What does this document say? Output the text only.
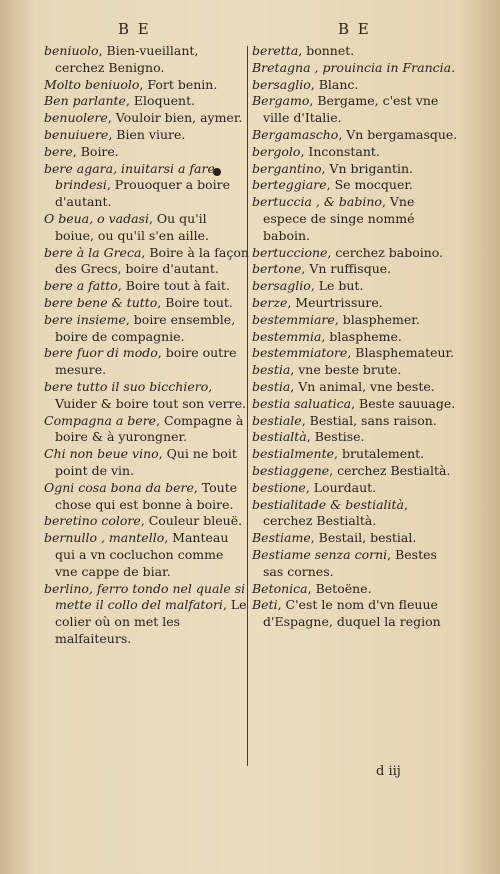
B E	B E

beniuolo, Bien-vueillant, cerchez Benigno.

Molto beniuolo, Fort benin.

Ben parlante, Eloquent.

benuolere, Vouloir bien, aymer.

benuiuere, Bien viure.

bere, Boire.

bere agara, inuitarsi a fare brindesi, Prouoquer a boire d'autant.

O beua, o vadasi, Ou qu'il boiue, ou qu'il s'en aille.

bere à la Greca, Boire à la façon des Grecs, boire d'autant.

bere a fatto, Boire tout à fait.

bere bene & tutto, Boire tout.

bere insieme, boire ensemble, boire de compagnie.

bere fuor di modo, boire outre mesure.

bere tutto il suo bicchiero, Vuider & boire tout son verre.

Compagna a bere, Compagne à boire & à yurongner.

Chi non beue vino, Qui ne boit point de vin.

Ogni cosa bona da bere, Toute chose qui est bonne à boire.

beretino colore, Couleur bleuë.

bernullo , mantello, Manteau qui a vn cocluchon comme vne cappe de biar.

berlino, ferro tondo nel quale si mette il collo del malfatori, Le colier où on met les malfaiteurs.

beretta, bonnet.

Bretagna , prouincia in Francia.

bersaglio, Blanc.

Bergamo, Bergame, c'est vne ville d'Italie.

Bergamascho, Vn bergamasque.

bergolo, Inconstant.

bergantino, Vn brigantin.

berteggiare, Se mocquer.

bertuccia , & babino, Vne espece de singe nommé baboin.

bertuccione, cerchez baboino.

bertone, Vn ruffisque.

bersaglio, Le but.

berze, Meurtrissure.

bestemmiare, blasphemer.

bestemmia, blaspheme.

bestemmiatore, Blasphemateur.

bestia, vne beste brute.

bestia, Vn animal, vne beste.

bestia saluatica, Beste sauuage.

bestiale, Bestial, sans raison.

bestialtà, Bestise.

bestialmente, brutalement.

bestiaggene, cerchez Bestialtà.

bestione, Lourdaut.

bestialitade & bestialità, cerchez Bestialtà.

Bestiame, Bestail, bestial.

Bestiame senza corni, Bestes sas cornes.

Betonica, Betoëne.

Beti, C'est le nom d'vn fleuue d'Espagne, duquel la region

d iij
